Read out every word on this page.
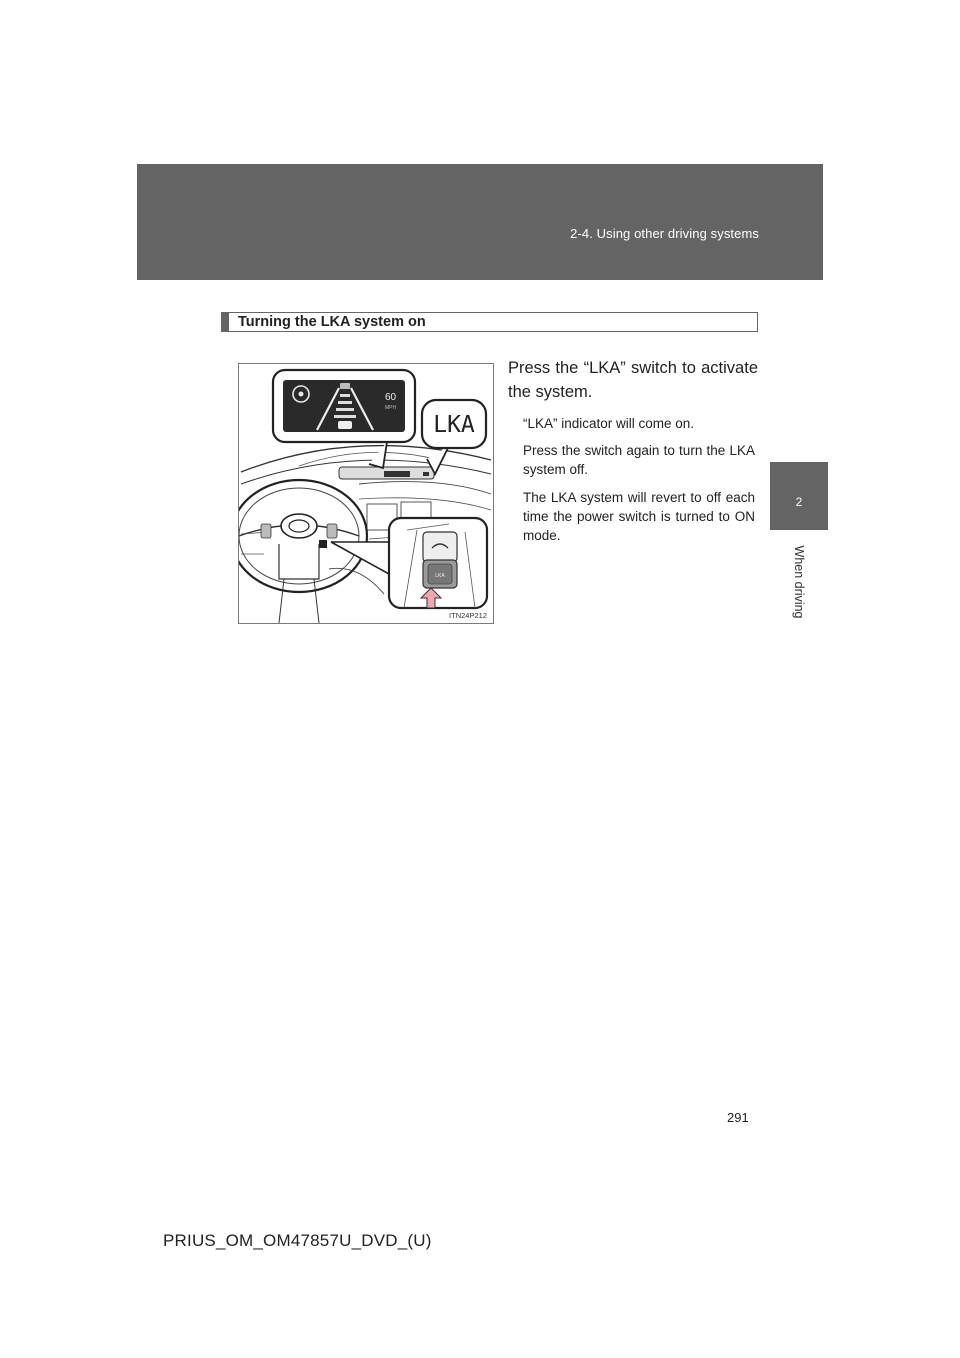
2-4. Using other driving systems
2
When driving
Turning the LKA system on
60
MPH
LKA
LKA
ITN24P212
Press the “LKA” switch to activate the system.
“LKA” indicator will come on.
Press the switch again to turn the LKA system off.
The LKA system will revert to off each time the power switch is turned to ON mode.
291
PRIUS_OM_OM47857U_DVD_(U)
